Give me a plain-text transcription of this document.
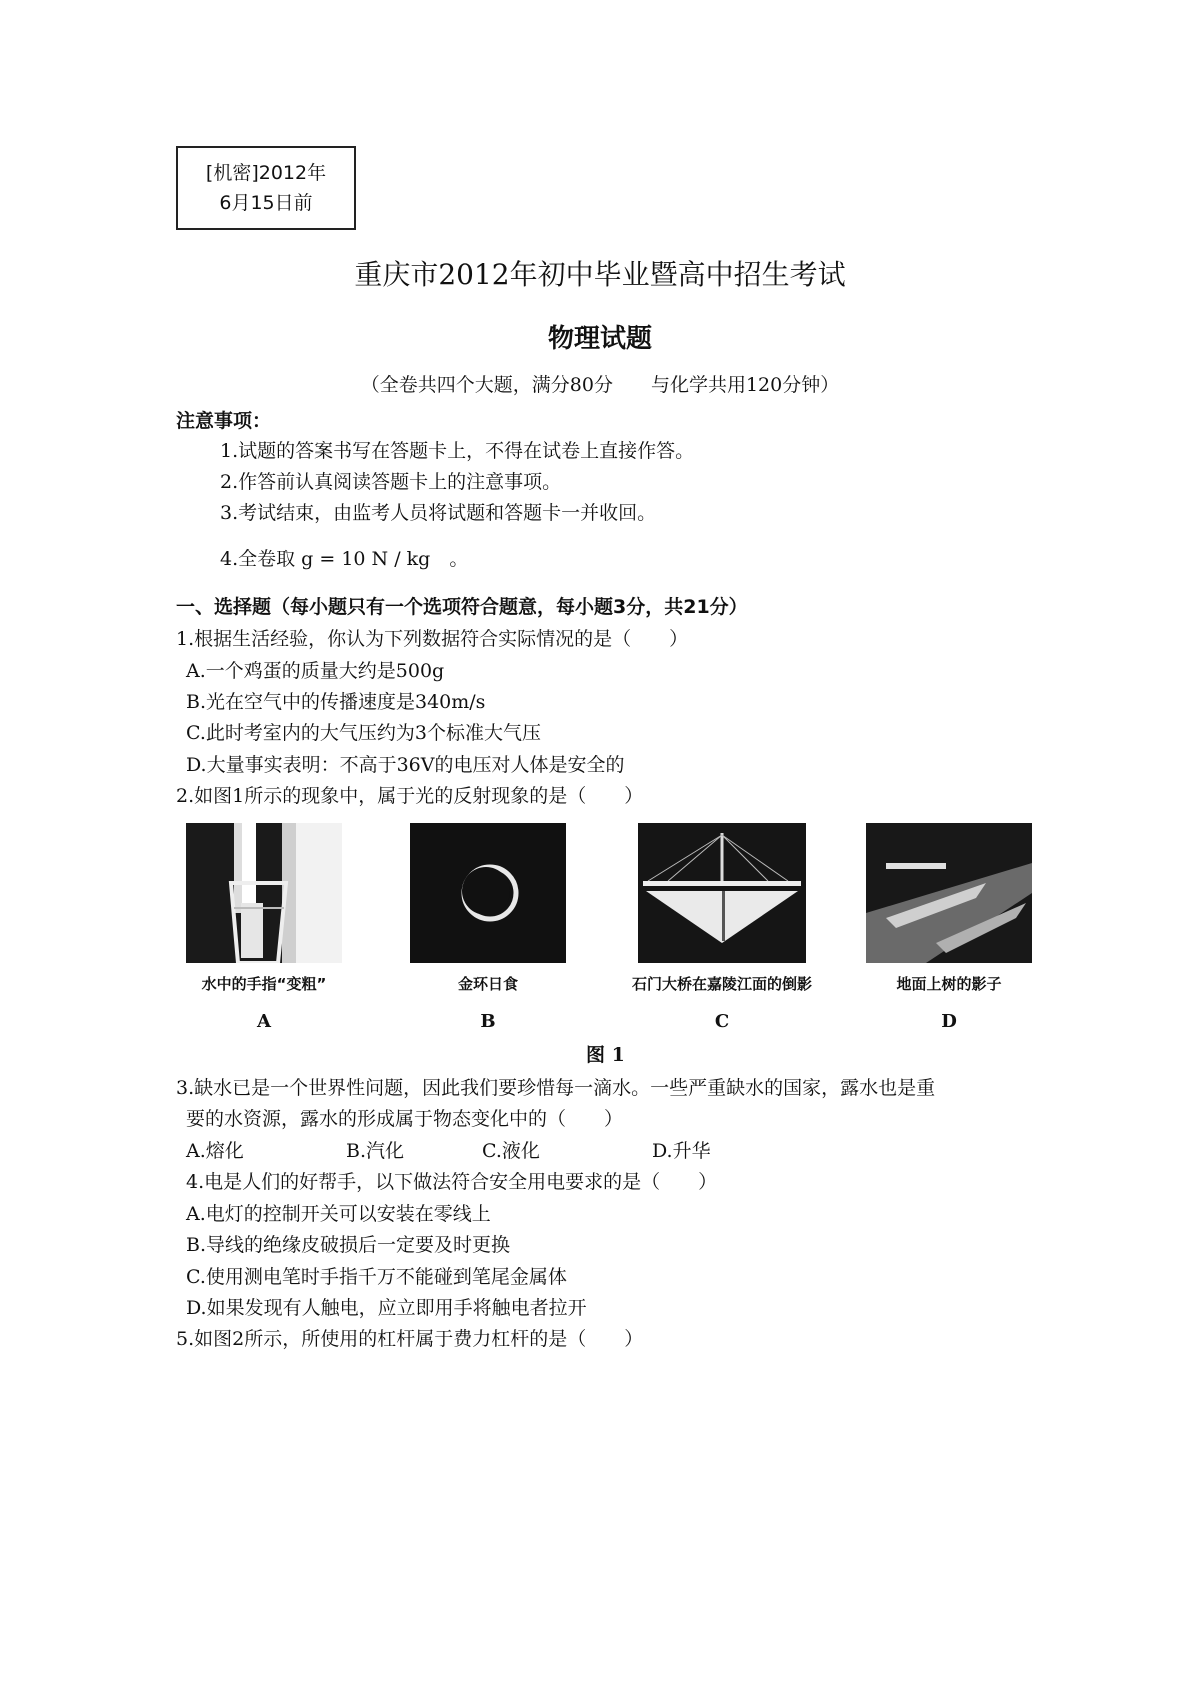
[机密]2012年
6月15日前
重庆市2012年初中毕业暨高中招生考试
物理试题
（全卷共四个大题，满分80分　　与化学共用120分钟）
注意事项：
1.试题的答案书写在答题卡上，不得在试卷上直接作答。
2.作答前认真阅读答题卡上的注意事项。
3.考试结束，由监考人员将试题和答题卡一并收回。
4.全卷取 g = 10 N / kg　。
一、选择题（每小题只有一个选项符合题意，每小题3分，共21分）
1.根据生活经验，你认为下列数据符合实际情况的是（　　）
A.一个鸡蛋的质量大约是500g
B.光在空气中的传播速度是340m/s
C.此时考室内的大气压约为3个标准大气压
D.大量事实表明：不高于36V的电压对人体是安全的
2.如图1所示的现象中，属于光的反射现象的是（　　）
水中的手指“变粗”
A
金环日食
B
石门大桥在嘉陵江面的倒影
C
地面上树的影子
D
图 1
3.缺水已是一个世界性问题，因此我们要珍惜每一滴水。一些严重缺水的国家，露水也是重
要的水资源，露水的形成属于物态变化中的（　　）
A.熔化	B.汽化	C.液化	D.升华
4.电是人们的好帮手，以下做法符合安全用电要求的是（　　）
A.电灯的控制开关可以安装在零线上
B.导线的绝缘皮破损后一定要及时更换
C.使用测电笔时手指千万不能碰到笔尾金属体
D.如果发现有人触电，应立即用手将触电者拉开
5.如图2所示，所使用的杠杆属于费力杠杆的是（　　）
